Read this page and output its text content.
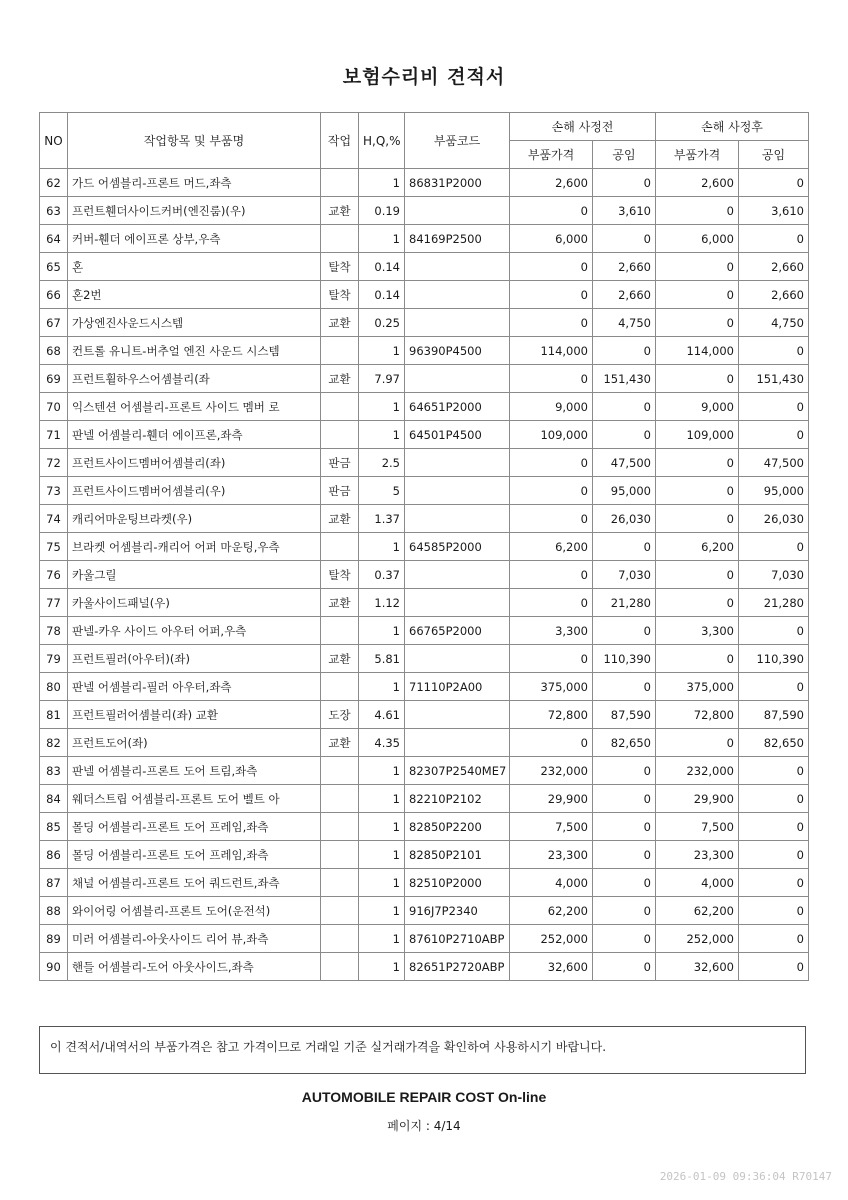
보험수리비 견적서
NO	작업항목 및 부품명	작업	H,Q,%	부품코드	손해 사정전		손해 사정후	
					부품가격	공임	부품가격	공임
62	가드 어셈블리-프론트 머드,좌측		1	86831P2000	2,600	0	2,600	0
63	프런트휀더사이드커버(엔진룸)(우)	교환	0.19		0	3,610	0	3,610
64	커버-휀더 에이프론 상부,우측		1	84169P2500	6,000	0	6,000	0
65	혼	탈착	0.14		0	2,660	0	2,660
66	혼2번	탈착	0.14		0	2,660	0	2,660
67	가상엔진사운드시스템	교환	0.25		0	4,750	0	4,750
68	컨트롤 유니트-버추얼 엔진 사운드 시스템		1	96390P4500	114,000	0	114,000	0
69	프런트휠하우스어셈블리(좌	교환	7.97		0	151,430	0	151,430
70	익스텐션 어셈블리-프론트 사이드 멤버 로		1	64651P2000	9,000	0	9,000	0
71	판넬 어셈블리-휀더 에이프론,좌측		1	64501P4500	109,000	0	109,000	0
72	프런트사이드멤버어셈블리(좌)	판금	2.5		0	47,500	0	47,500
73	프런트사이드멤버어셈블리(우)	판금	5		0	95,000	0	95,000
74	캐리어마운팅브라켓(우)	교환	1.37		0	26,030	0	26,030
75	브라켓 어셈블리-캐리어 어퍼 마운팅,우측		1	64585P2000	6,200	0	6,200	0
76	카울그릴	탈착	0.37		0	7,030	0	7,030
77	카울사이드패널(우)	교환	1.12		0	21,280	0	21,280
78	판넬-카우 사이드 아우터 어퍼,우측		1	66765P2000	3,300	0	3,300	0
79	프런트필러(아우터)(좌)	교환	5.81		0	110,390	0	110,390
80	판넬 어셈블리-필러 아우터,좌측		1	71110P2A00	375,000	0	375,000	0
81	프런트필러어셈블리(좌) 교환	도장	4.61		72,800	87,590	72,800	87,590
82	프런트도어(좌)	교환	4.35		0	82,650	0	82,650
83	판넬 어셈블리-프론트 도어 트림,좌측		1	82307P2540ME7	232,000	0	232,000	0
84	웨더스트립 어셈블리-프론트 도어 벨트 아		1	82210P2102	29,900	0	29,900	0
85	몰딩 어셈블리-프론트 도어 프레임,좌측		1	82850P2200	7,500	0	7,500	0
86	몰딩 어셈블리-프론트 도어 프레임,좌측		1	82850P2101	23,300	0	23,300	0
87	채널 어셈블리-프론트 도어 쿼드런트,좌측		1	82510P2000	4,000	0	4,000	0
88	와이어링 어셈블리-프론트 도어(운전석)		1	916J7P2340	62,200	0	62,200	0
89	미러 어셈블리-아웃사이드 리어 뷰,좌측		1	87610P2710ABP	252,000	0	252,000	0
90	핸들 어셈블리-도어 아웃사이드,좌측		1	82651P2720ABP	32,600	0	32,600	0
이 견적서/내역서의 부품가격은 참고 가격이므로 거래일 기준 실거래가격을 확인하여 사용하시기 바랍니다.
AUTOMOBILE REPAIR COST On-line
페이지 : 4/14
2026-01-09 09:36:04 R70147
